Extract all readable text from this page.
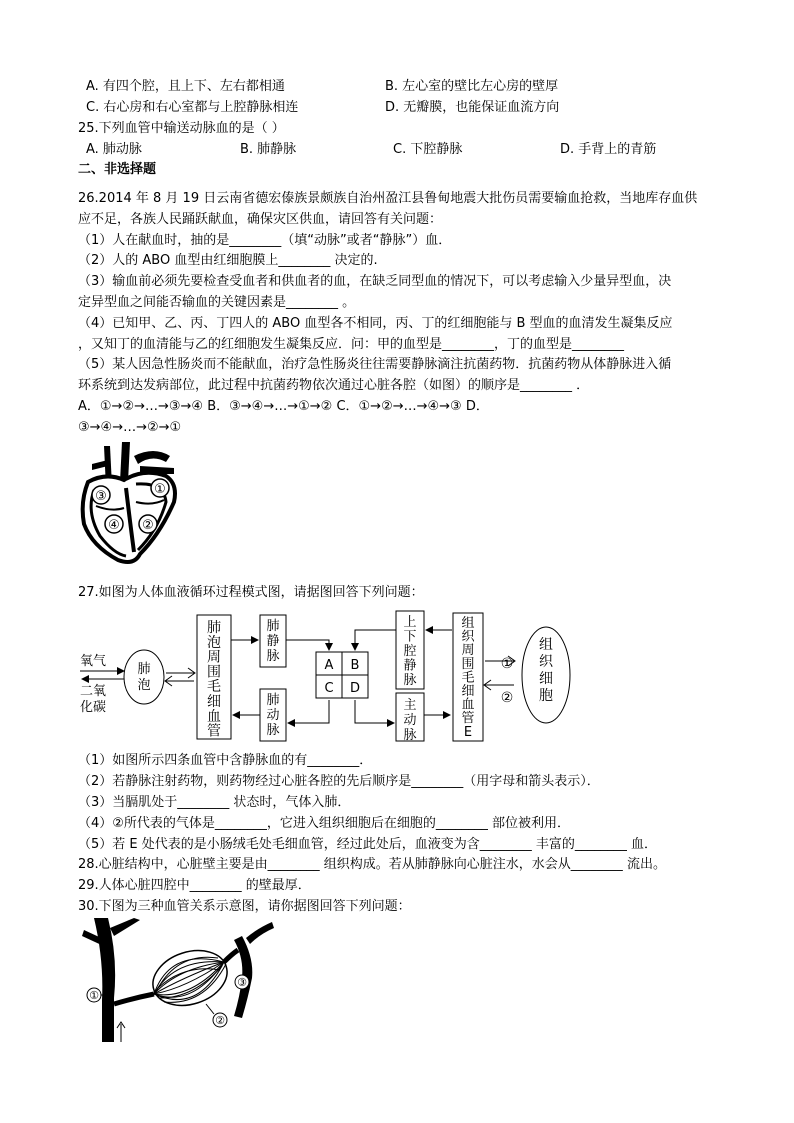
A. 有四个腔，且上下、左右都相通	B. 左心室的壁比左心房的壁厚
C. 右心房和右心室都与上腔静脉相连	D. 无瓣膜，也能保证血流方向
25.下列血管中输送动脉血的是（ ）
A. 肺动脉	B. 肺静脉	C. 下腔静脉	D. 手背上的青筋
二、非选择题
26.2014 年 8 月 19 日云南省德宏傣族景颇族自治州盈江县鲁甸地震大批伤员需要输血抢救，当地库存血供
应不足，各族人民踊跃献血，确保灾区供血，请回答有关问题：
（1）人在献血时，抽的是________（填“动脉”或者“静脉”）血．
（2）人的 ABO 血型由红细胞膜上________ 决定的.
（3）输血前必须先要检查受血者和供血者的血，在缺乏同型血的情况下，可以考虑输入少量异型血，决
定异型血之间能否输血的关键因素是________ 。
（4）已知甲、乙、丙、丁四人的 ABO 血型各不相同，丙、丁的红细胞能与 B 型血的血清发生凝集反应
，又知丁的血清能与乙的红细胞发生凝集反应．问：甲的血型是________，丁的血型是________
（5）某人因急性肠炎而不能献血，治疗急性肠炎往往需要静脉滴注抗菌药物．抗菌药物从体静脉进入循
环系统到达发病部位，此过程中抗菌药物依次通过心脏各腔（如图）的顺序是________ ．
A．①→②→…→③→④ B．③→④→…→①→② C．①→②→…→④→③ D．
③→④→…→②→①
③	①
④ ②
27.如图为人体血液循环过程模式图，请据图回答下列问题：
氧气
二氧
化碳
肺泡
肺泡周围毛细血管
肺静脉
肺动脉
A B
C D
上下腔静脉
主动脉
组织周围毛细血管 E
①
②
组织细胞
（1）如图所示四条血管中含静脉血的有________．
（2）若静脉注射药物，则药物经过心脏各腔的先后顺序是________（用字母和箭头表示）．
（3）当膈肌处于________ 状态时，气体入肺．
（4）②所代表的气体是________，它进入组织细胞后在细胞的________ 部位被利用．
（5）若 E 处代表的是小肠绒毛处毛细血管，经过此处后，血液变为含________ 丰富的________ 血．
28.心脏结构中，心脏壁主要是由________ 组织构成。若从肺静脉向心脏注水，水会从________ 流出。
29.人体心脏四腔中________ 的壁最厚．
30.下图为三种血管关系示意图，请你据图回答下列问题：
①
②
③
